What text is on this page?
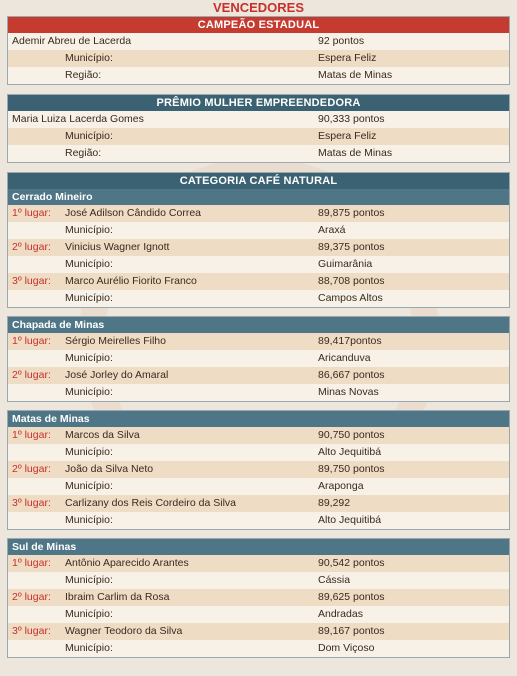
VENCEDORES
CAMPEÃO ESTADUAL
Ademir Abreu de Lacerda	92 pontos
Município:	Espera Feliz
Região:	Matas de Minas
PRÊMIO MULHER EMPREENDEDORA
Maria Luiza Lacerda Gomes	90,333 pontos
Município:	Espera Feliz
Região:	Matas de Minas
CATEGORIA CAFÉ NATURAL
Cerrado Mineiro
1º lugar: José Adilson Cândido Correa	89,875 pontos
Município:	Araxá
2º lugar: Vinicius Wagner Ignott	89,375 pontos
Município:	Guimarânia
3º lugar: Marco Aurélio Fiorito Franco	88,708 pontos
Município:	Campos Altos
Chapada de Minas
1º lugar: Sérgio Meirelles Filho	89,417pontos
Município:	Aricanduva
2º lugar: José Jorley do Amaral	86,667 pontos
Município:	Minas Novas
Matas de Minas
1º lugar: Marcos da Silva	90,750 pontos
Município:	Alto Jequitibá
2º lugar: João da Silva Neto	89,750 pontos
Município:	Araponga
3º lugar: Carlizany dos Reis Cordeiro da Silva	89,292
Município:	Alto Jequitibá
Sul de Minas
1º lugar: Antônio Aparecido Arantes	90,542 pontos
Município:	Cássia
2º lugar: Ibraim Carlim da Rosa	89,625 pontos
Município:	Andradas
3º lugar: Wagner Teodoro da Silva	89,167 pontos
Município:	Dom Viçoso
